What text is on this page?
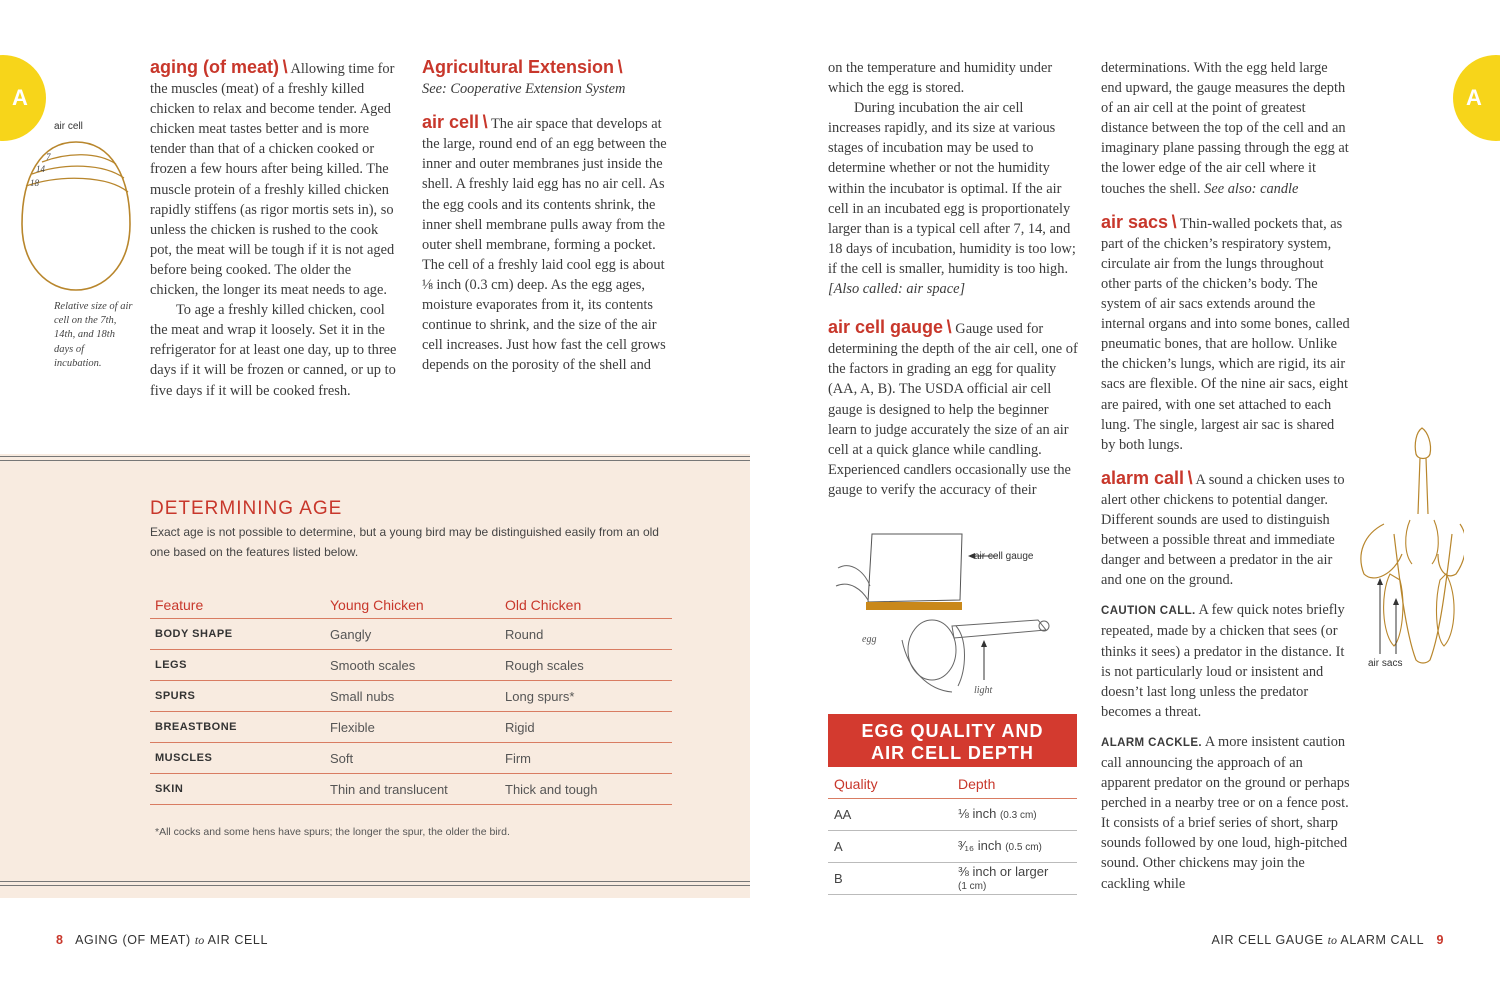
A	A
air cell
7
14
18
Relative size of air cell on the 7th, 14th, and 18th days of incubation.

aging (of meat) \ Allowing time for the muscles (meat) of a freshly killed chicken to relax and become tender. Aged chicken meat tastes better and is more tender than that of a chicken cooked or frozen a few hours after being killed. The muscle protein of a freshly killed chicken rapidly stiffens (as rigor mortis sets in), so unless the chicken is rushed to the cook pot, the meat will be tough if it is not aged before being cooked. The older the chicken, the longer its meat needs to age.

To age a freshly killed chicken, cool the meat and wrap it loosely. Set it in the refrigerator for at least one day, up to three days if it will be frozen or canned, or up to five days if it will be cooked fresh.

Agricultural Extension \

See: Cooperative Extension System

air cell \ The air space that develops at the large, round end of an egg between the inner and outer membranes just inside the shell. A freshly laid egg has no air cell. As the egg cools and its contents shrink, the inner shell membrane pulls away from the outer shell membrane, forming a pocket. The cell of a freshly laid cool egg is about ⅛ inch (0.3 cm) deep. As the egg ages, moisture evaporates from it, its contents continue to shrink, and the size of the air cell increases. Just how fast the cell grows depends on the porosity of the shell and

DETERMINING AGE
Exact age is not possible to determine, but a young bird may be distinguished easily from an old one based on the features listed below.
Feature	Young Chicken	Old Chicken
BODY SHAPE	Gangly	Round
LEGS	Smooth scales	Rough scales
SPURS	Small nubs	Long spurs*
BREASTBONE	Flexible	Rigid
MUSCLES	Soft	Firm
SKIN	Thin and translucent	Thick and tough
*All cocks and some hens have spurs; the longer the spur, the older the bird.

on the temperature and humidity under which the egg is stored.

During incubation the air cell increases rapidly, and its size at various stages of incubation may be used to determine whether or not the humidity within the incubator is optimal. If the air cell in an incubated egg is proportionately larger than is a typical cell after 7, 14, and 18 days of incubation, humidity is too low; if the cell is smaller, humidity is too high.

[Also called: air space]

air cell gauge \ Gauge used for determining the depth of the air cell, one of the factors in grading an egg for quality (AA, A, B). The USDA official air cell gauge is designed to help the beginner learn to judge accurately the size of an air cell at a quick glance while candling. Experienced candlers occasionally use the gauge to verify the accuracy of their

air cell gauge
egg
light
EGG QUALITY AND
AIR CELL DEPTH
Quality	Depth
AA	⅛ inch (0.3 cm)
A	³⁄₁₆ inch (0.5 cm)
B	⅜ inch or larger
(1 cm)

determinations. With the egg held large end upward, the gauge measures the depth of an air cell at the point of greatest distance between the top of the cell and an imaginary plane passing through the egg at the lower edge of the air cell where it touches the shell. See also: candle

air sacs \ Thin-walled pockets that, as part of the chicken’s respiratory system, circulate air from the lungs throughout other parts of the chicken’s body. The system of air sacs extends around the internal organs and into some bones, called pneumatic bones, that are hollow. Unlike the chicken’s lungs, which are rigid, its air sacs are flexible. Of the nine air sacs, eight are paired, with one set attached to each lung. The single, largest air sac is shared by both lungs.

alarm call \ A sound a chicken uses to alert other chickens to potential danger. Different sounds are used to distinguish between a possible threat and immediate danger and between a predator in the air and one on the ground.

CAUTION CALL. A few quick notes briefly repeated, made by a chicken that sees (or thinks it sees) a predator in the distance. It is not particularly loud or insistent and doesn’t last long unless the predator becomes a threat.

ALARM CACKLE. A more insistent caution call announcing the approach of an apparent predator on the ground or perhaps perched in a nearby tree or on a fence post. It consists of a brief series of short, sharp sounds followed by one loud, high-pitched sound. Other chickens may join the cackling while

air sacs
8 AGING (OF MEAT) to AIR CELL	AIR CELL GAUGE to ALARM CALL 9
